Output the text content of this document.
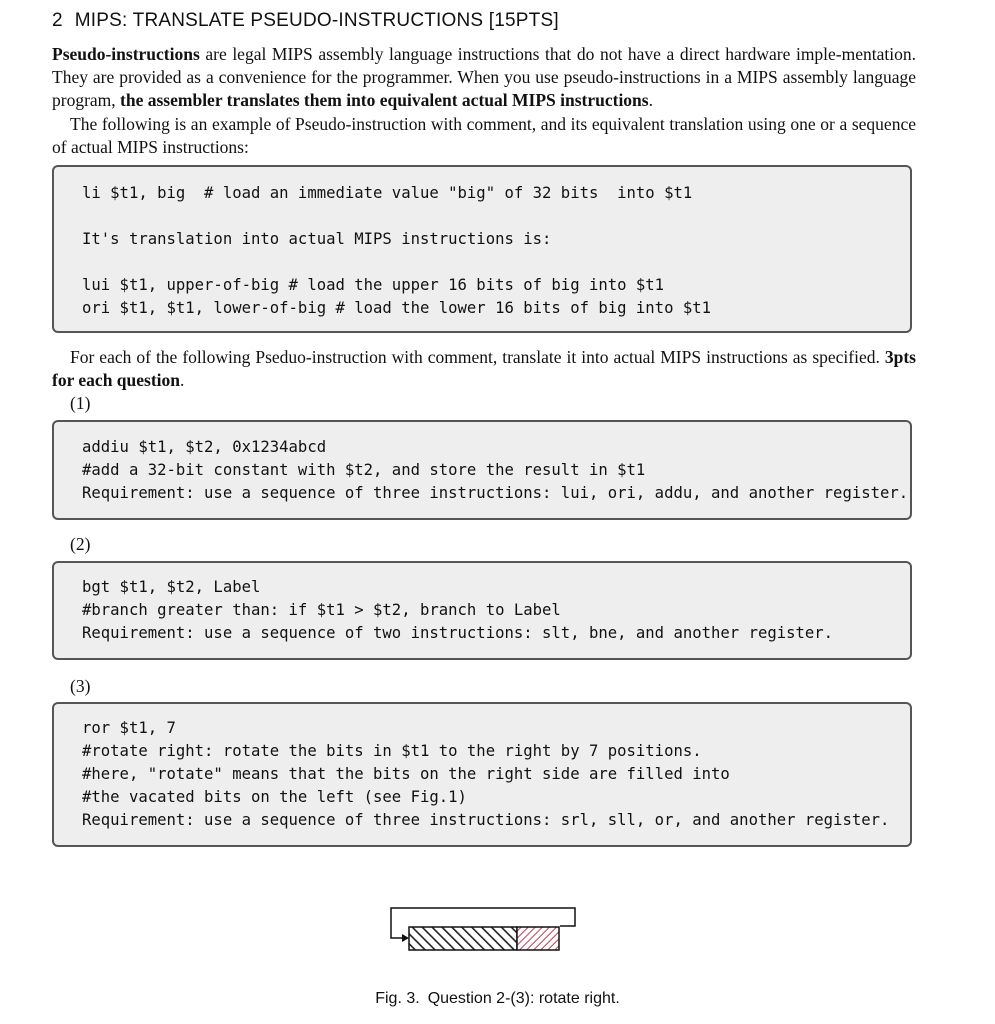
2 MIPS: TRANSLATE PSEUDO-INSTRUCTIONS [15PTS]
Pseudo-instructions are legal MIPS assembly language instructions that do not have a direct hardware imple-mentation. They are provided as a convenience for the programmer. When you use pseudo-instructions in a MIPS assembly language program, the assembler translates them into equivalent actual MIPS instructions.
The following is an example of Pseudo-instruction with comment, and its equivalent translation using one or a sequence of actual MIPS instructions:
li $t1, big  # load an immediate value "big" of 32 bits  into $t1
It's translation into actual MIPS instructions is:
lui $t1, upper-of-big # load the upper 16 bits of big into $t1
ori $t1, $t1, lower-of-big # load the lower 16 bits of big into $t1
For each of the following Pseduo-instruction with comment, translate it into actual MIPS instructions as specified. 3pts for each question.
(1)
addiu $t1, $t2, 0x1234abcd
#add a 32-bit constant with $t2, and store the result in $t1
Requirement: use a sequence of three instructions: lui, ori, addu, and another register.
(2)
bgt $t1, $t2, Label
#branch greater than: if $t1 > $t2, branch to Label
Requirement: use a sequence of two instructions: slt, bne, and another register.
(3)
ror $t1, 7
#rotate right: rotate the bits in $t1 to the right by 7 positions.
#here, "rotate" means that the bits on the right side are filled into
#the vacated bits on the left (see Fig.1)
Requirement: use a sequence of three instructions: srl, sll, or, and another register.
Fig. 3. Question 2-(3): rotate right.
